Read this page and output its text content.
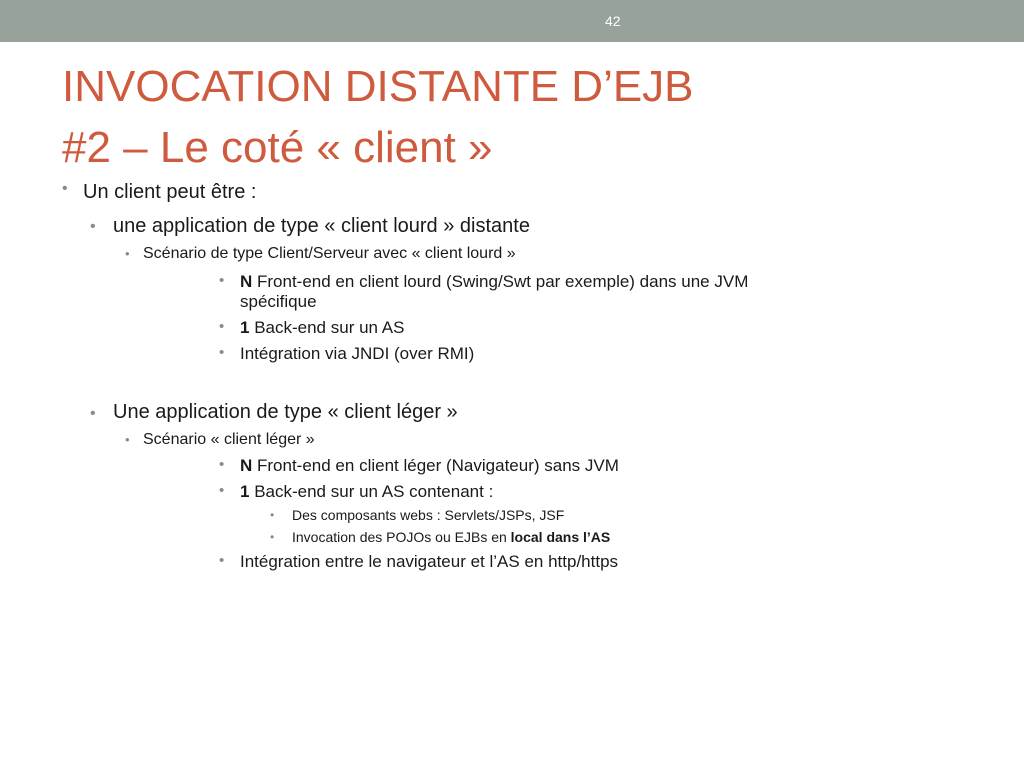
42
INVOCATION DISTANTE D’EJB
#2 – Le coté « client »
• Un client peut être :
• une application de type « client lourd » distante
• Scénario de type Client/Serveur avec « client lourd »
• N Front-end en client lourd (Swing/Swt par exemple) dans une JVM
spécifique
• 1 Back-end sur un AS
• Intégration via JNDI (over RMI)
• Une application de type « client léger »
• Scénario « client léger »
• N Front-end en client léger (Navigateur) sans JVM
• 1 Back-end sur un AS contenant :
• Des composants webs : Servlets/JSPs, JSF
• Invocation des POJOs ou EJBs en local dans l’AS
• Intégration entre le navigateur et l’AS en http/https
